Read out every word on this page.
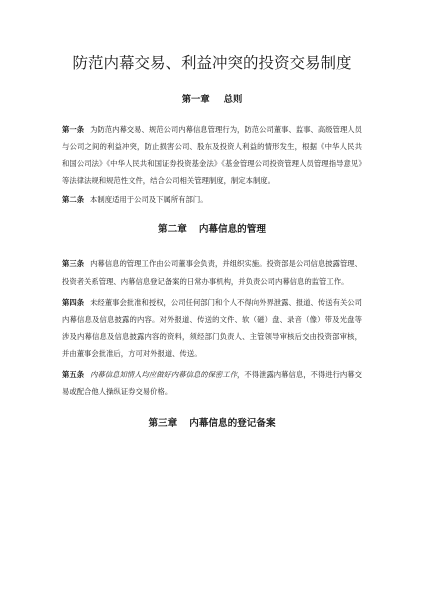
防范内幕交易、利益冲突的投资交易制度
第一章 总则

第一条 为防范内幕交易、规范公司内幕信息管理行为，防范公司董事、监事、高级管理人员与公司之间的利益冲突，防止损害公司、股东及投资人利益的情形发生，根据《中华人民共和国公司法》《中华人民共和国证券投资基金法》《基金管理公司投资管理人员管理指导意见》等法律法规和规范性文件，结合公司相关管理制度，制定本制度。

第二条 本制度适用于公司及下属所有部门。

第二章 内幕信息的管理

第三条 内幕信息的管理工作由公司董事会负责，并组织实施。投资部是公司信息披露管理、投资者关系管理、内幕信息登记备案的日常办事机构，并负责公司内幕信息的监管工作。

第四条 未经董事会批准和授权，公司任何部门和个人不得向外界泄露、报道、传送有关公司内幕信息及信息披露的内容。对外报道、传送的文件、软（磁）盘、录音（像）带及光盘等涉及内幕信息及信息披露内容的资料，须经部门负责人、主管领导审核后交由投资部审核，并由董事会批准后，方可对外报道、传送。

第五条 内幕信息知情人均应做好内幕信息的保密工作，不得泄露内幕信息，不得进行内幕交易或配合他人操纵证券交易价格。

第三章 内幕信息的登记备案
